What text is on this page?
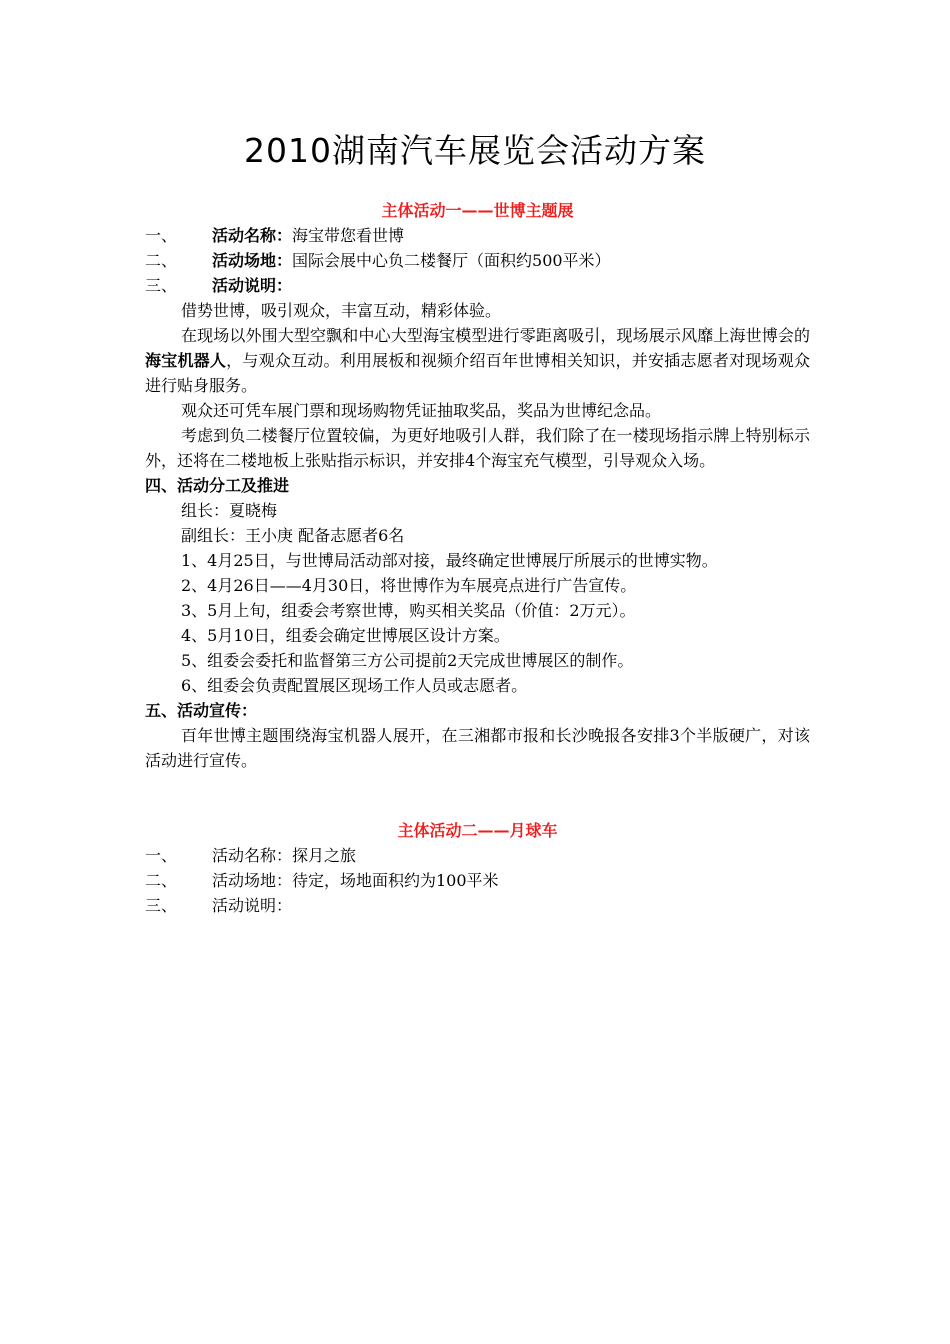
2010湖南汽车展览会活动方案
主体活动一——世博主题展
一、 活动名称：海宝带您看世博
二、 活动场地：国际会展中心负二楼餐厅（面积约500平米）
三、 活动说明：
借势世博，吸引观众，丰富互动，精彩体验。
在现场以外围大型空飘和中心大型海宝模型进行零距离吸引，现场展示风靡上海世博会的海宝机器人，与观众互动。利用展板和视频介绍百年世博相关知识，并安插志愿者对现场观众进行贴身服务。
观众还可凭车展门票和现场购物凭证抽取奖品，奖品为世博纪念品。
考虑到负二楼餐厅位置较偏，为更好地吸引人群，我们除了在一楼现场指示牌上特别标示外，还将在二楼地板上张贴指示标识，并安排4个海宝充气模型，引导观众入场。
四、活动分工及推进
组长：夏晓梅
副组长：王小庚 配备志愿者6名
1、4月25日，与世博局活动部对接，最终确定世博展厅所展示的世博实物。
2、4月26日——4月30日，将世博作为车展亮点进行广告宣传。
3、5月上旬，组委会考察世博，购买相关奖品（价值：2万元）。
4、5月10日，组委会确定世博展区设计方案。
5、组委会委托和监督第三方公司提前2天完成世博展区的制作。
6、组委会负责配置展区现场工作人员或志愿者。
五、活动宣传：
百年世博主题围绕海宝机器人展开，在三湘都市报和长沙晚报各安排3个半版硬广，对该活动进行宣传。
主体活动二——月球车
一、 活动名称：探月之旅
二、 活动场地：待定，场地面积约为100平米
三、 活动说明：
